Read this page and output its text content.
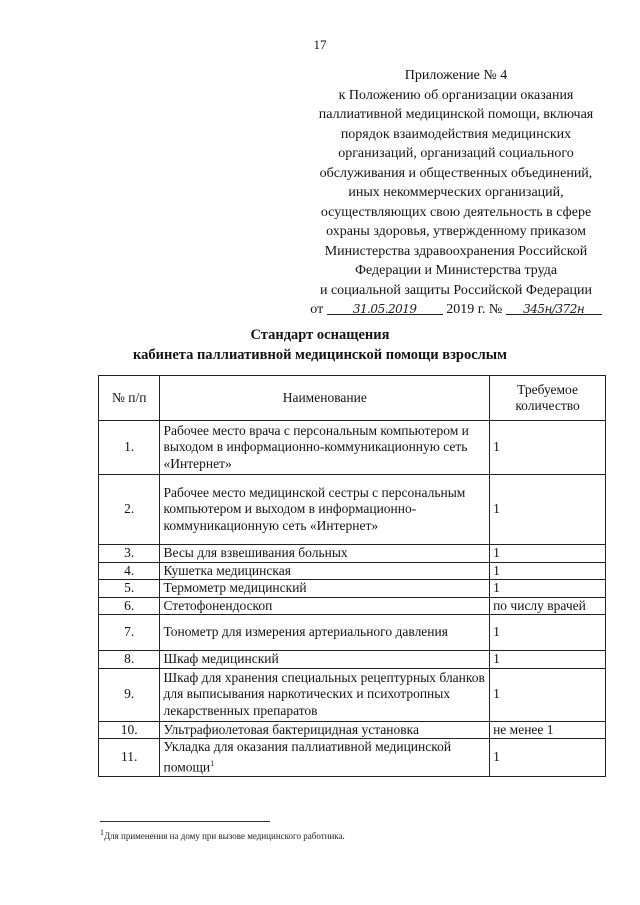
17
Приложение № 4
к Положению об организации оказания
паллиативной медицинской помощи, включая
порядок взаимодействия медицинских
организаций, организаций социального
обслуживания и общественных объединений,
иных некоммерческих организаций,
осуществляющих свою деятельность в сфере
охраны здоровья, утвержденному приказом
Министерства здравоохранения Российской
Федерации и Министерства труда
и социальной защиты Российской Федерации
от 31.05.2019 2019 г. № 345н/372н
Стандарт оснащения
кабинета паллиативной медицинской помощи взрослым
№ п/п	Наименование	Требуемое количество
1.	Рабочее место врача с персональным компьютером и выходом в информационно-коммуникационную сеть «Интернет»	1
2.	Рабочее место медицинской сестры с персональным компьютером и выходом в информационно-коммуникационную сеть «Интернет»	1
3.	Весы для взвешивания больных	1
4.	Кушетка медицинская	1
5.	Термометр медицинский	1
6.	Стетофонендоскоп	по числу врачей
7.	Тонометр для измерения артериального давления	1
8.	Шкаф медицинский	1
9.	Шкаф для хранения специальных рецептурных бланков для выписывания наркотических и психотропных лекарственных препаратов	1
10.	Ультрафиолетовая бактерицидная установка	не менее 1
11.	Укладка для оказания паллиативной медицинской помощи$^1$	1
$^1$Для применения на дому при вызове медицинского работника.
